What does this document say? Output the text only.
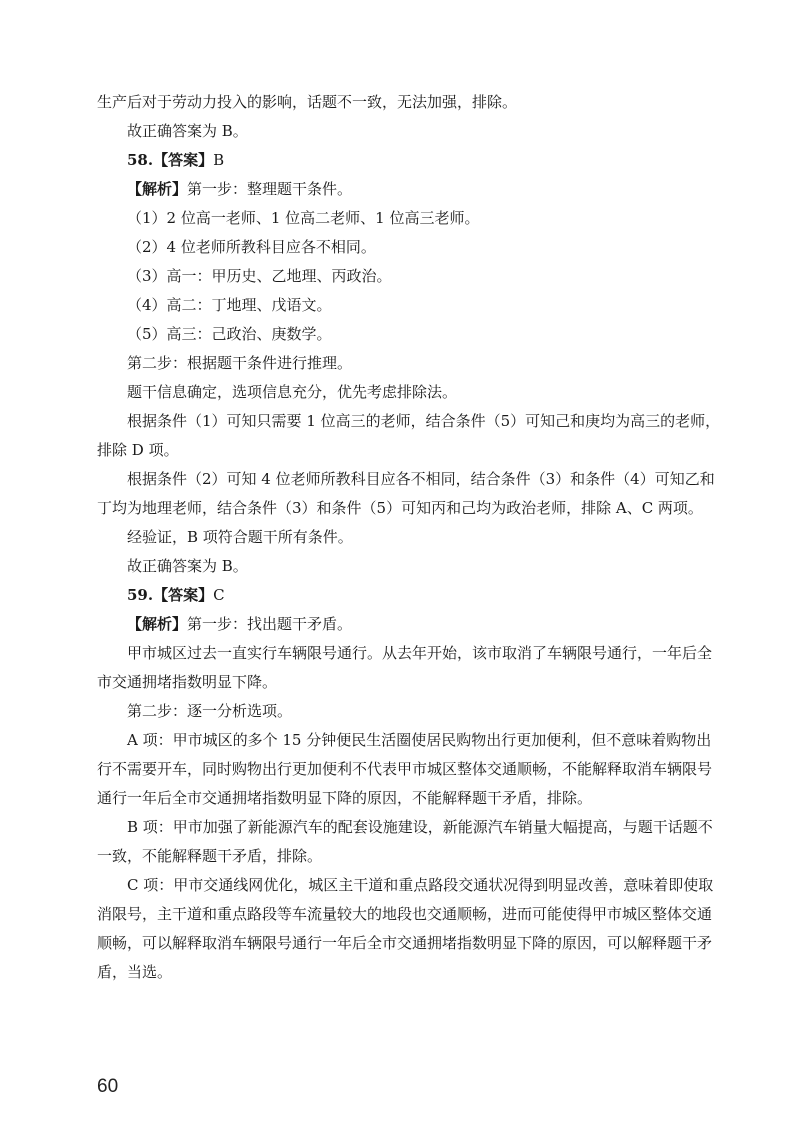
生产后对于劳动力投入的影响，话题不一致，无法加强，排除。

故正确答案为 B。

58.【答案】B

【解析】第一步：整理题干条件。

（1）2 位高一老师、1 位高二老师、1 位高三老师。

（2）4 位老师所教科目应各不相同。

（3）高一：甲历史、乙地理、丙政治。

（4）高二：丁地理、戊语文。

（5）高三：己政治、庚数学。

第二步：根据题干条件进行推理。

题干信息确定，选项信息充分，优先考虑排除法。

根据条件（1）可知只需要 1 位高三的老师，结合条件（5）可知己和庚均为高三的老师，排除 D 项。

根据条件（2）可知 4 位老师所教科目应各不相同，结合条件（3）和条件（4）可知乙和丁均为地理老师，结合条件（3）和条件（5）可知丙和己均为政治老师，排除 A、C 两项。

经验证，B 项符合题干所有条件。

故正确答案为 B。

59.【答案】C

【解析】第一步：找出题干矛盾。

甲市城区过去一直实行车辆限号通行。从去年开始，该市取消了车辆限号通行，一年后全市交通拥堵指数明显下降。

第二步：逐一分析选项。

A 项：甲市城区的多个 15 分钟便民生活圈使居民购物出行更加便利，但不意味着购物出行不需要开车，同时购物出行更加便利不代表甲市城区整体交通顺畅，不能解释取消车辆限号通行一年后全市交通拥堵指数明显下降的原因，不能解释题干矛盾，排除。

B 项：甲市加强了新能源汽车的配套设施建设，新能源汽车销量大幅提高，与题干话题不一致，不能解释题干矛盾，排除。

C 项：甲市交通线网优化，城区主干道和重点路段交通状况得到明显改善，意味着即使取消限号，主干道和重点路段等车流量较大的地段也交通顺畅，进而可能使得甲市城区整体交通顺畅，可以解释取消车辆限号通行一年后全市交通拥堵指数明显下降的原因，可以解释题干矛盾，当选。

60
